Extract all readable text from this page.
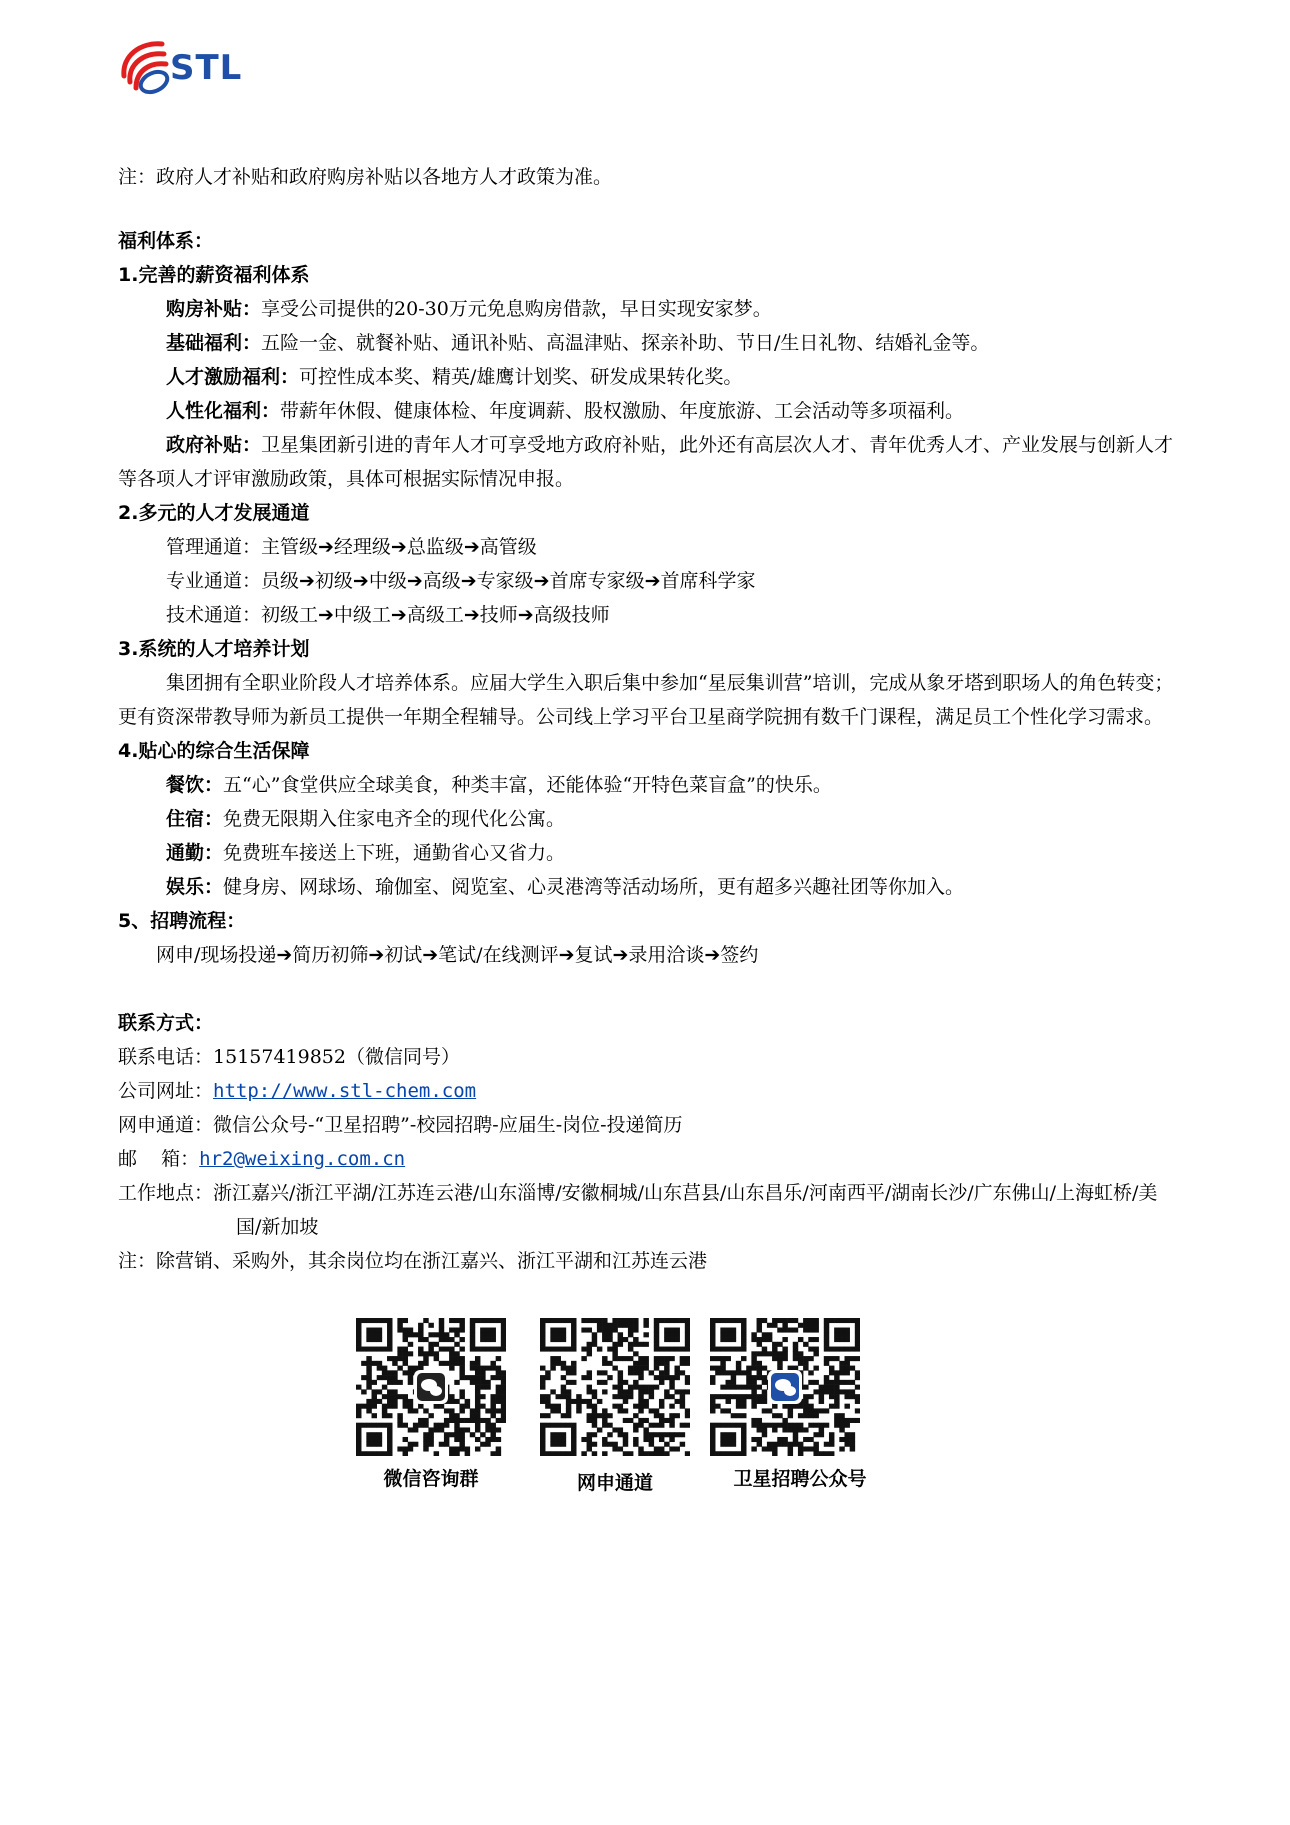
STL
注：政府人才补贴和政府购房补贴以各地方人才政策为准。
福利体系：
1.完善的薪资福利体系
购房补贴：享受公司提供的20-30万元免息购房借款，早日实现安家梦。
基础福利：五险一金、就餐补贴、通讯补贴、高温津贴、探亲补助、节日/生日礼物、结婚礼金等。
人才激励福利：可控性成本奖、精英/雄鹰计划奖、研发成果转化奖。
人性化福利：带薪年休假、健康体检、年度调薪、股权激励、年度旅游、工会活动等多项福利。
政府补贴：卫星集团新引进的青年人才可享受地方政府补贴，此外还有高层次人才、青年优秀人才、产业发展与创新人才等各项人才评审激励政策，具体可根据实际情况申报。
2.多元的人才发展通道
管理通道：主管级➔经理级➔总监级➔高管级
专业通道：员级➔初级➔中级➔高级➔专家级➔首席专家级➔首席科学家
技术通道：初级工➔中级工➔高级工➔技师➔高级技师
3.系统的人才培养计划
集团拥有全职业阶段人才培养体系。应届大学生入职后集中参加“星辰集训营”培训，完成从象牙塔到职场人的角色转变；更有资深带教导师为新员工提供一年期全程辅导。公司线上学习平台卫星商学院拥有数千门课程，满足员工个性化学习需求。
4.贴心的综合生活保障
餐饮：五“心”食堂供应全球美食，种类丰富，还能体验“开特色菜盲盒”的快乐。
住宿：免费无限期入住家电齐全的现代化公寓。
通勤：免费班车接送上下班，通勤省心又省力。
娱乐：健身房、网球场、瑜伽室、阅览室、心灵港湾等活动场所，更有超多兴趣社团等你加入。
5、招聘流程：
网申/现场投递➔简历初筛➔初试➔笔试/在线测评➔复试➔录用洽谈➔签约
联系方式：
联系电话：15157419852（微信同号）
公司网址：http://www.stl-chem.com
网申通道：微信公众号-“卫星招聘”-校园招聘-应届生-岗位-投递简历
邮    箱：hr2@weixing.com.cn
工作地点：浙江嘉兴/浙江平湖/江苏连云港/山东淄博/安徽桐城/山东莒县/山东昌乐/河南西平/湖南长沙/广东佛山/上海虹桥/美国/新加坡
注：除营销、采购外，其余岗位均在浙江嘉兴、浙江平湖和江苏连云港
微信咨询群	网申通道	卫星招聘公众号
